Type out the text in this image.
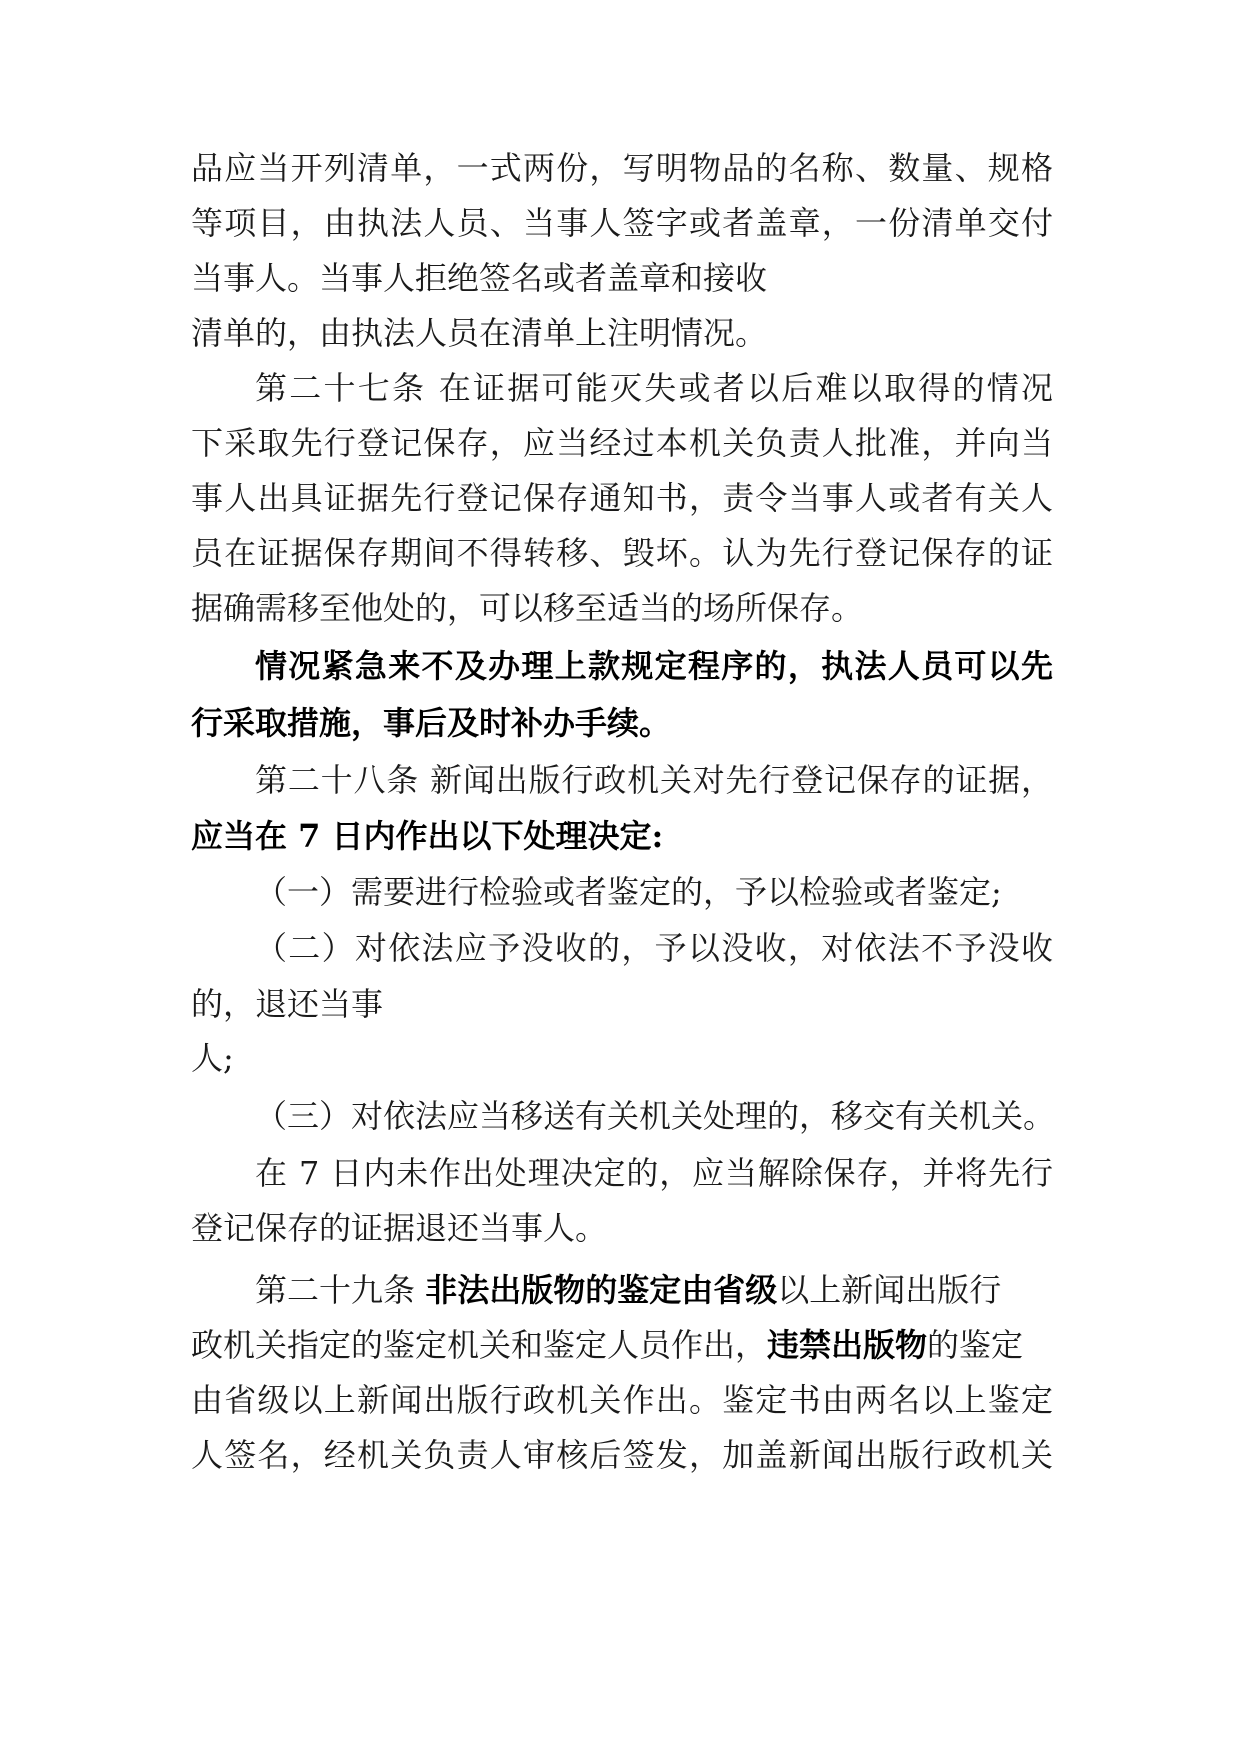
品应当开列清单，一式两份，写明物品的名称、数量、规格

等项目，由执法人员、当事人签字或者盖章，一份清单交付

当事人。当事人拒绝签名或者盖章和接收

清单的，由执法人员在清单上注明情况。

第二十七条 在证据可能灭失或者以后难以取得的情况

下采取先行登记保存，应当经过本机关负责人批准，并向当

事人出具证据先行登记保存通知书，责令当事人或者有关人

员在证据保存期间不得转移、毁坏。认为先行登记保存的证

据确需移至他处的，可以移至适当的场所保存。

情况紧急来不及办理上款规定程序的，执法人员可以先

行采取措施，事后及时补办手续。

第二十八条 新闻出版行政机关对先行登记保存的证据，

应当在 7 日内作出以下处理决定:

（一）需要进行检验或者鉴定的，予以检验或者鉴定;

（二）对依法应予没收的，予以没收，对依法不予没收

的，退还当事

人;

（三）对依法应当移送有关机关处理的，移交有关机关。

在 7 日内未作出处理决定的，应当解除保存，并将先行

登记保存的证据退还当事人。

第二十九条 非法出版物的鉴定由省级以上新闻出版行

政机关指定的鉴定机关和鉴定人员作出，违禁出版物的鉴定

由省级以上新闻出版行政机关作出。鉴定书由两名以上鉴定

人签名，经机关负责人审核后签发，加盖新闻出版行政机关
